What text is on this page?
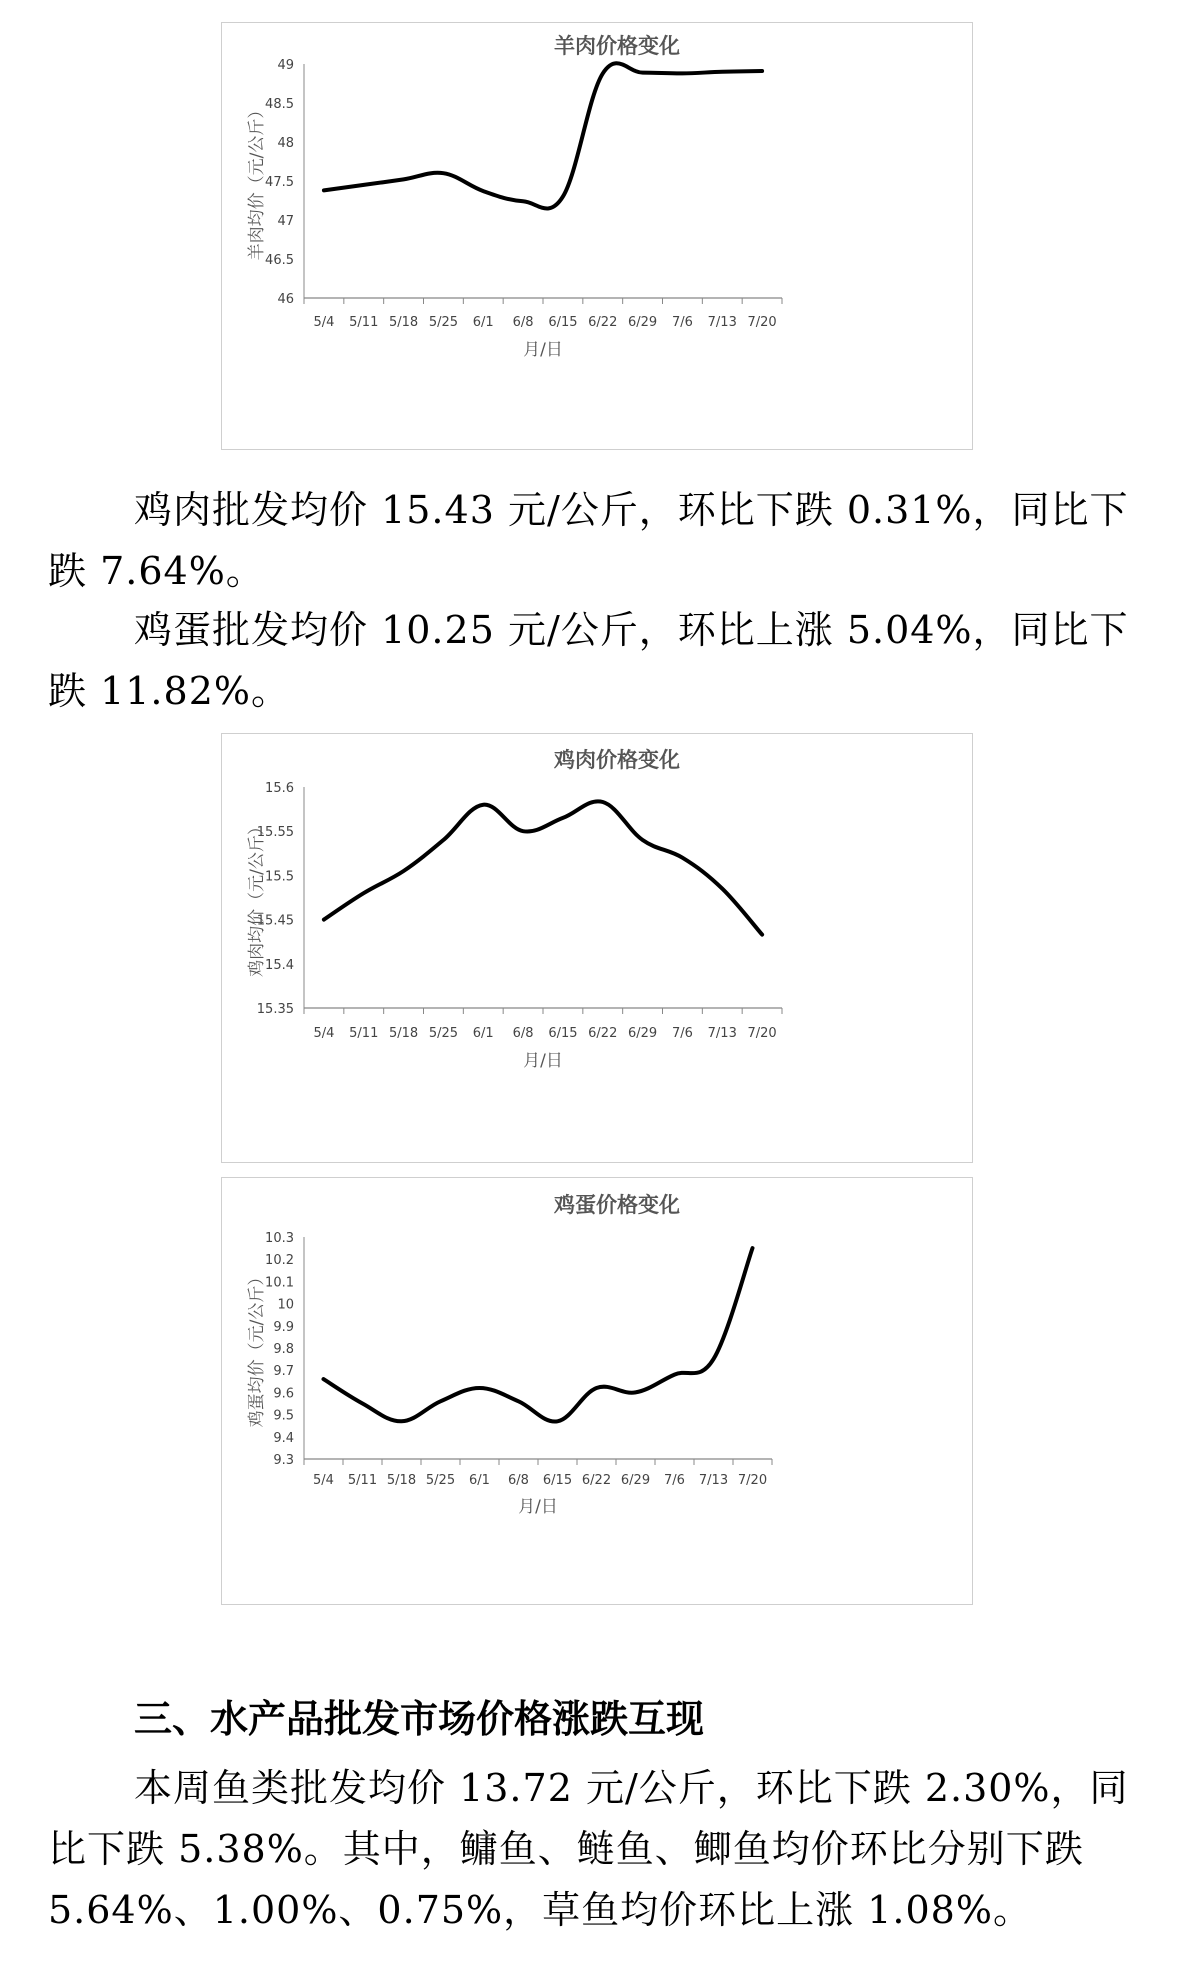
羊肉价格变化
46
46.5
47
47.5
48
48.5
49
5/4 5/11 5/18 5/25 6/1 6/8 6/15 6/22 6/29 7/6 7/13 7/20
月/日
羊肉均价（元/公斤）

鸡肉批发均价 15.43 元/公斤，环比下跌 0.31%，同比下跌 7.64%。

鸡蛋批发均价 10.25 元/公斤，环比上涨 5.04%，同比下跌 11.82%。

鸡肉价格变化
15.35
15.4
15.45
15.5
15.55
15.6
5/4 5/11 5/18 5/25 6/1 6/8 6/15 6/22 6/29 7/6 7/13 7/20
月/日
鸡肉均价（元/公斤）
鸡蛋价格变化
9.3
9.4
9.5
9.6
9.7
9.8
9.9
10
10.1
10.2
10.3
5/4 5/11 5/18 5/25 6/1 6/8 6/15 6/22 6/29 7/6 7/13 7/20
月/日
鸡蛋均价（元/公斤）
三、水产品批发市场价格涨跌互现

本周鱼类批发均价 13.72 元/公斤，环比下跌 2.30%，同比下跌 5.38%。其中，鳙鱼、鲢鱼、鲫鱼均价环比分别下跌 5.64%、1.00%、0.75%，草鱼均价环比上涨 1.08%。
